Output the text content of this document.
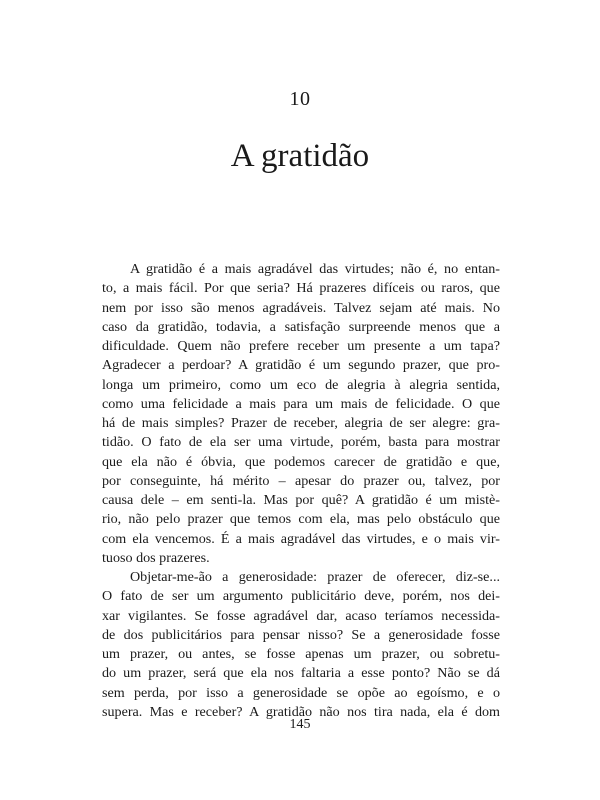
10
A gratidão

A gratidão é a mais agradável das virtudes; não é, no entan-
to, a mais fácil. Por que seria? Há prazeres difíceis ou raros, que
nem por isso são menos agradáveis. Talvez sejam até mais. No
caso da gratidão, todavia, a satisfação surpreende menos que a
dificuldade. Quem não prefere receber um presente a um tapa?
Agradecer a perdoar? A gratidão é um segundo prazer, que pro-
longa um primeiro, como um eco de alegria à alegria sentida,
como uma felicidade a mais para um mais de felicidade. O que
há de mais simples? Prazer de receber, alegria de ser alegre: gra-
tidão. O fato de ela ser uma virtude, porém, basta para mostrar
que ela não é óbvia, que podemos carecer de gratidão e que,
por conseguinte, há mérito – apesar do prazer ou, talvez, por
causa dele – em senti-la. Mas por quê? A gratidão é um mistè-
rio, não pelo prazer que temos com ela, mas pelo obstáculo que
com ela vencemos. É a mais agradável das virtudes, e o mais vir-
tuoso dos prazeres.

Objetar-me-ão a generosidade: prazer de oferecer, diz-se...
O fato de ser um argumento publicitário deve, porém, nos dei-
xar vigilantes. Se fosse agradável dar, acaso teríamos necessida-
de dos publicitários para pensar nisso? Se a generosidade fosse
um prazer, ou antes, se fosse apenas um prazer, ou sobretu-
do um prazer, será que ela nos faltaria a esse ponto? Não se dá
sem perda, por isso a generosidade se opõe ao egoísmo, e o
supera. Mas e receber? A gratidão não nos tira nada, ela é dom

145
